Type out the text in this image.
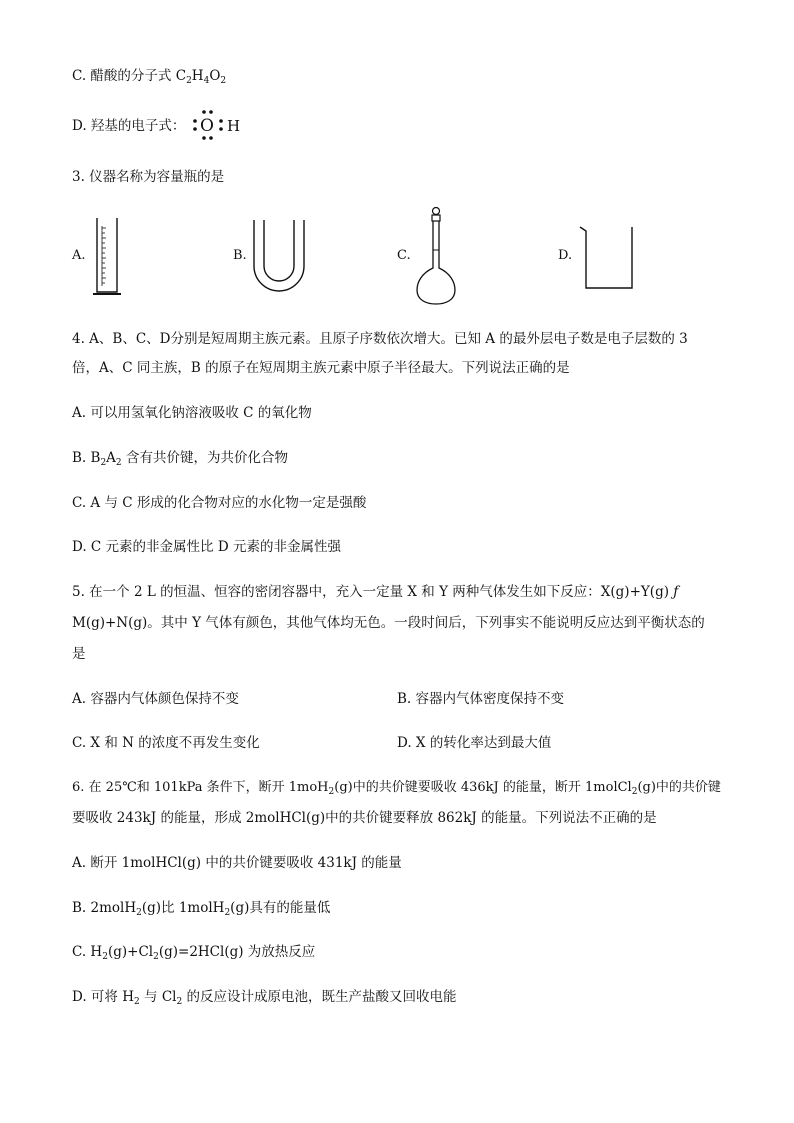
C. 醋酸的分子式 $C_2H_4O_2$
D. 羟基的电子式： O H
3. 仪器名称为容量瓶的是
A.	B.	C.	D.
4. A、B、C、D分别是短周期主族元素。且原子序数依次增大。已知 A 的最外层电子数是电子层数的 3
倍，A、C 同主族，B 的原子在短周期主族元素中原子半径最大。下列说法正确的是
A. 可以用氢氧化钠溶液吸收 C 的氧化物
B. $B_2A_2$ 含有共价键，为共价化合物
C. A 与 C 形成的化合物对应的水化物一定是强酸
D. C 元素的非金属性比 D 元素的非金属性强
5. 在一个 2 L 的恒温、恒容的密闭容器中，充入一定量 X 和 Y 两种气体发生如下反应：X(g)+Y(g) ƒ
M(g)+N(g)。其中 Y 气体有颜色，其他气体均无色。一段时间后，下列事实不能说明反应达到平衡状态的
是
A. 容器内气体颜色保持不变	B. 容器内气体密度保持不变
C. X 和 N 的浓度不再发生变化	D. X 的转化率达到最大值
6. 在 25℃和 101kPa 条件下，断开 1moH$_2$(g)中的共价键要吸收 436kJ 的能量，断开 1molCl$_2$(g)中的共价键
要吸收 243kJ 的能量，形成 2molHCl(g)中的共价键要释放 862kJ 的能量。下列说法不正确的是
A. 断开 1molHCl(g) 中的共价键要吸收 431kJ 的能量
B. 2molH$_2$(g)比 1molH$_2$(g)具有的能量低
C. $H_2(g)+Cl_2(g)=2HCl(g)$ 为放热反应
D. 可将 $H_2$ 与 $Cl_2$ 的反应设计成原电池，既生产盐酸又回收电能
